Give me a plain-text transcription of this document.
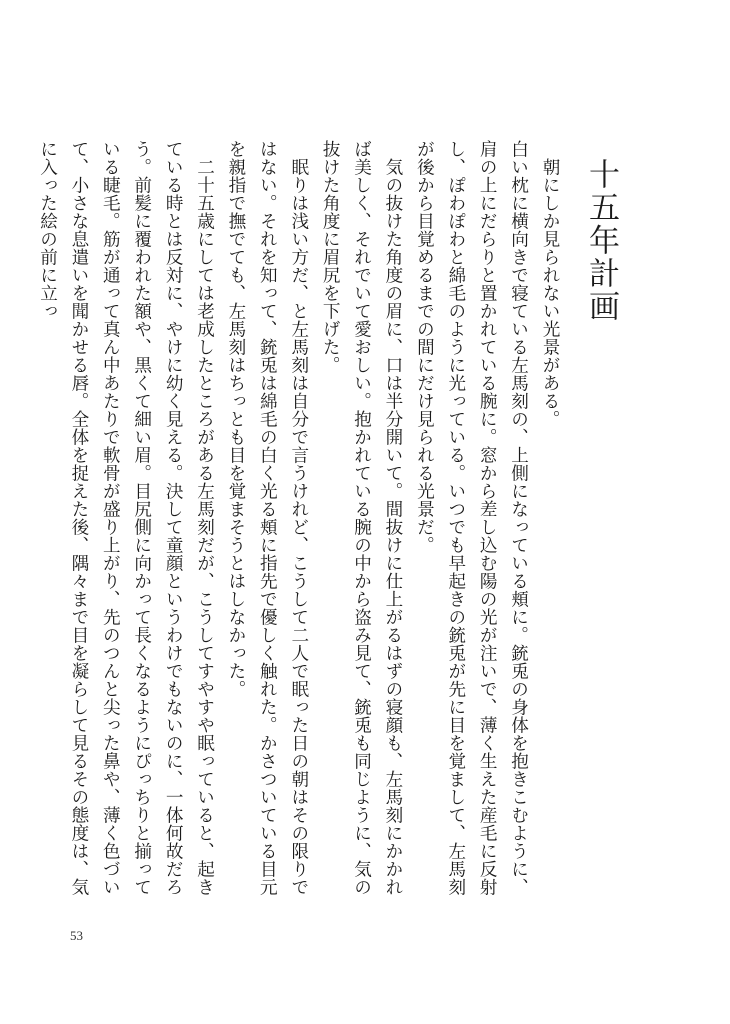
十五年計画

朝にしか見られない光景がある。

白い枕に横向きで寝ている左馬刻の、上側になっている頬に。銃兎の身体を抱きこむように、肩の上にだらりと置かれている腕に。窓から差し込む陽の光が注いで、薄く生えた産毛に反射し、ぽわぽわと綿毛のように光っている。いつでも早起きの銃兎が先に目を覚まして、左馬刻が後から目覚めるまでの間にだけ見られる光景だ。

気の抜けた角度の眉に、口は半分開いて。間抜けに仕上がるはずの寝顔も、左馬刻にかかれば美しく、それでいて愛おしい。抱かれている腕の中から盗み見て、銃兎も同じように、気の抜けた角度に眉尻を下げた。

眠りは浅い方だ、と左馬刻は自分で言うけれど、こうして二人で眠った日の朝はその限りではない。それを知って、銃兎は綿毛の白く光る頬に指先で優しく触れた。かさついている目元を親指で撫でても、左馬刻はちっとも目を覚まそうとはしなかった。

二十五歳にしては老成したところがある左馬刻だが、こうしてすやすや眠っていると、起きている時とは反対に、やけに幼く見える。決して童顔というわけでもないのに、一体何故だろう。前髪に覆われた額や、黒くて細い眉。目尻側に向かって長くなるようにぴっちりと揃っている睫毛。筋が通って真ん中あたりで軟骨が盛り上がり、先のつんと尖った鼻や、薄く色づいて、小さな息遣いを聞かせる唇。全体を捉えた後、隅々まで目を凝らして見るその態度は、気に入った絵の前に立っ

53
